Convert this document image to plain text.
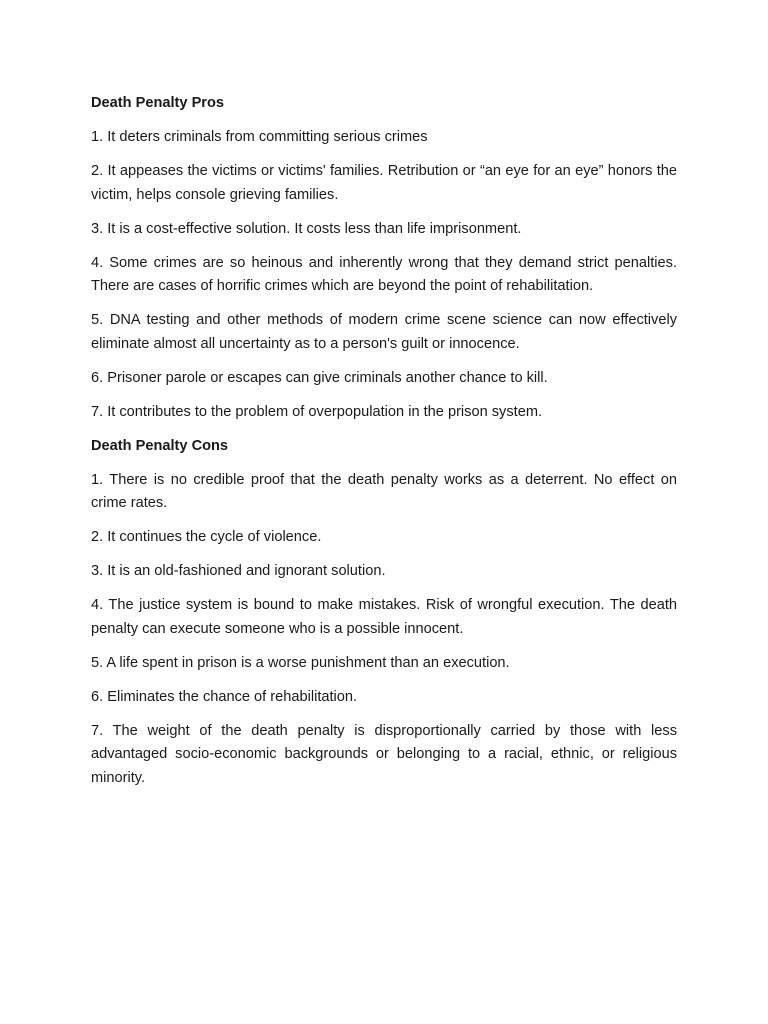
Death Penalty Pros

1. It deters criminals from committing serious crimes

2. It appeases the victims or victims' families. Retribution or “an eye for an eye” honors the victim, helps console grieving families.

3. It is a cost-effective solution. It costs less than life imprisonment.

4. Some crimes are so heinous and inherently wrong that they demand strict penalties. There are cases of horrific crimes which are beyond the point of rehabilitation.

5. DNA testing and other methods of modern crime scene science can now effectively eliminate almost all uncertainty as to a person's guilt or innocence.

6. Prisoner parole or escapes can give criminals another chance to kill.

7. It contributes to the problem of overpopulation in the prison system.

Death Penalty Cons

1. There is no credible proof that the death penalty works as a deterrent. No effect on crime rates.

2. It continues the cycle of violence.

3. It is an old-fashioned and ignorant solution.

4. The justice system is bound to make mistakes. Risk of wrongful execution. The death penalty can execute someone who is a possible innocent.

5. A life spent in prison is a worse punishment than an execution.

6. Eliminates the chance of rehabilitation.

7. The weight of the death penalty is disproportionally carried by those with less advantaged socio-economic backgrounds or belonging to a racial, ethnic, or religious minority.
